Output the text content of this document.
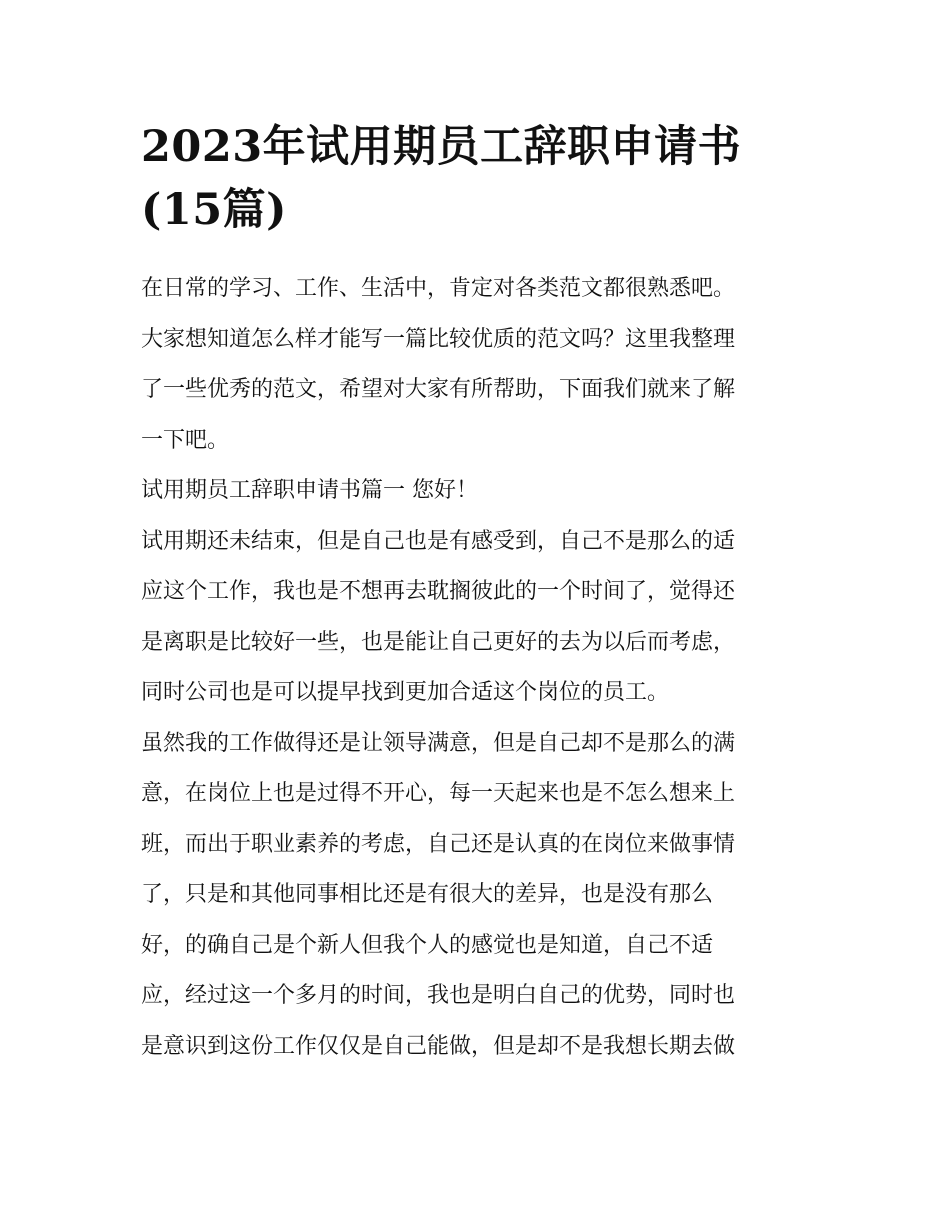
2023年试用期员工辞职申请书
(15篇)
在日常的学习、工作、生活中，肯定对各类范文都很熟悉吧。
大家想知道怎么样才能写一篇比较优质的范文吗？这里我整理
了一些优秀的范文，希望对大家有所帮助，下面我们就来了解
一下吧。
试用期员工辞职申请书篇一 您好！
试用期还未结束，但是自己也是有感受到，自己不是那么的适
应这个工作，我也是不想再去耽搁彼此的一个时间了，觉得还
是离职是比较好一些，也是能让自己更好的去为以后而考虑，
同时公司也是可以提早找到更加合适这个岗位的员工。
虽然我的工作做得还是让领导满意，但是自己却不是那么的满
意，在岗位上也是过得不开心，每一天起来也是不怎么想来上
班，而出于职业素养的考虑，自己还是认真的在岗位来做事情
了，只是和其他同事相比还是有很大的差异，也是没有那么
好，的确自己是个新人但我个人的感觉也是知道，自己不适
应，经过这一个多月的时间，我也是明白自己的优势，同时也
是意识到这份工作仅仅是自己能做，但是却不是我想长期去做
